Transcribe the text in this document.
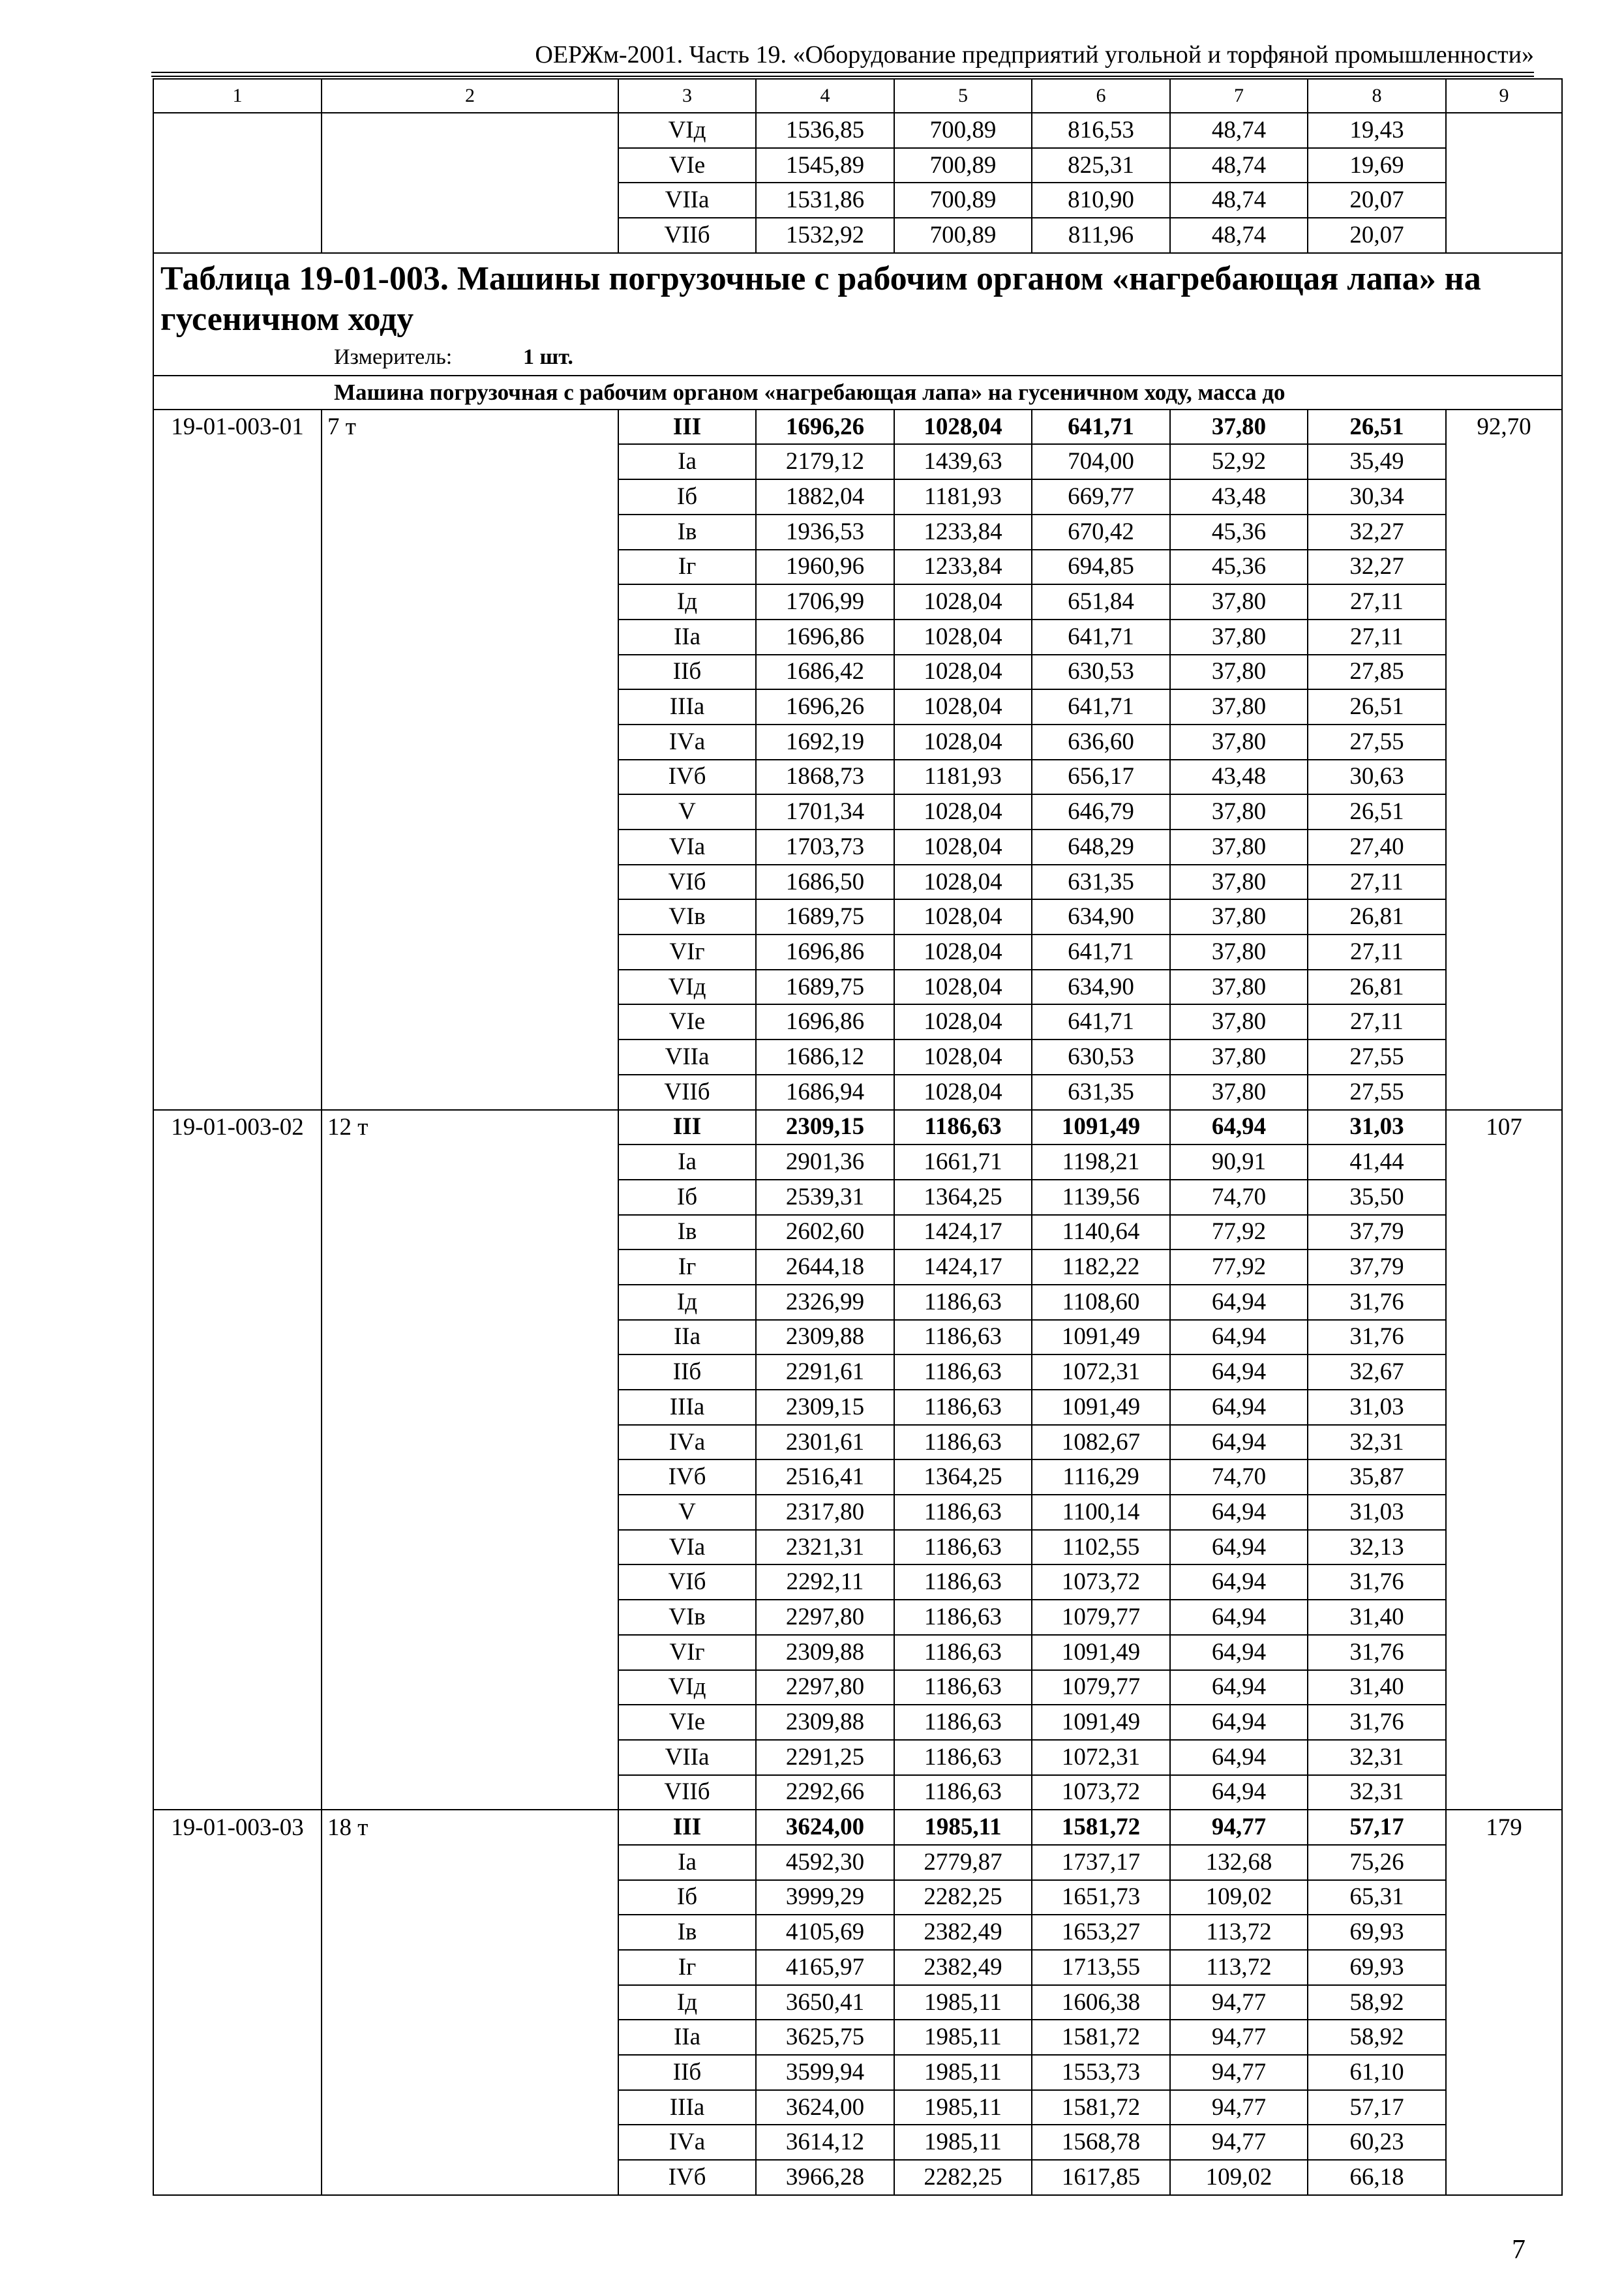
ОЕРЖм-2001. Часть 19. «Оборудование предприятий угольной и торфяной промышленности»
1	2	3	4	5	6	7	8	9
		VIд	1536,85	700,89	816,53	48,74	19,43	
		VIе	1545,89	700,89	825,31	48,74	19,69	
		VIIа	1531,86	700,89	810,90	48,74	20,07	
		VIIб	1532,92	700,89	811,96	48,74	20,07	

Таблица 19-01-003. Машины погрузочные с рабочим органом «нагребающая лапа» на гусеничном ходу
Измеритель: 1 шт.								

Машина погрузочная с рабочим органом «нагребающая лапа» на гусеничном ходу, масса до								
19-01-003-01	7 т	III	1696,26	1028,04	641,71	37,80	26,51	92,70
		Iа	2179,12	1439,63	704,00	52,92	35,49	
		Iб	1882,04	1181,93	669,77	43,48	30,34	
		Iв	1936,53	1233,84	670,42	45,36	32,27	
		Iг	1960,96	1233,84	694,85	45,36	32,27	
		Iд	1706,99	1028,04	651,84	37,80	27,11	
		IIа	1696,86	1028,04	641,71	37,80	27,11	
		IIб	1686,42	1028,04	630,53	37,80	27,85	
		IIIа	1696,26	1028,04	641,71	37,80	26,51	
		IVа	1692,19	1028,04	636,60	37,80	27,55	
		IVб	1868,73	1181,93	656,17	43,48	30,63	
		V	1701,34	1028,04	646,79	37,80	26,51	
		VIа	1703,73	1028,04	648,29	37,80	27,40	
		VIб	1686,50	1028,04	631,35	37,80	27,11	
		VIв	1689,75	1028,04	634,90	37,80	26,81	
		VIг	1696,86	1028,04	641,71	37,80	27,11	
		VIд	1689,75	1028,04	634,90	37,80	26,81	
		VIе	1696,86	1028,04	641,71	37,80	27,11	
		VIIа	1686,12	1028,04	630,53	37,80	27,55	
		VIIб	1686,94	1028,04	631,35	37,80	27,55	
19-01-003-02	12 т	III	2309,15	1186,63	1091,49	64,94	31,03	107
		Iа	2901,36	1661,71	1198,21	90,91	41,44	
		Iб	2539,31	1364,25	1139,56	74,70	35,50	
		Iв	2602,60	1424,17	1140,64	77,92	37,79	
		Iг	2644,18	1424,17	1182,22	77,92	37,79	
		Iд	2326,99	1186,63	1108,60	64,94	31,76	
		IIа	2309,88	1186,63	1091,49	64,94	31,76	
		IIб	2291,61	1186,63	1072,31	64,94	32,67	
		IIIа	2309,15	1186,63	1091,49	64,94	31,03	
		IVа	2301,61	1186,63	1082,67	64,94	32,31	
		IVб	2516,41	1364,25	1116,29	74,70	35,87	
		V	2317,80	1186,63	1100,14	64,94	31,03	
		VIа	2321,31	1186,63	1102,55	64,94	32,13	
		VIб	2292,11	1186,63	1073,72	64,94	31,76	
		VIв	2297,80	1186,63	1079,77	64,94	31,40	
		VIг	2309,88	1186,63	1091,49	64,94	31,76	
		VIд	2297,80	1186,63	1079,77	64,94	31,40	
		VIе	2309,88	1186,63	1091,49	64,94	31,76	
		VIIа	2291,25	1186,63	1072,31	64,94	32,31	
		VIIб	2292,66	1186,63	1073,72	64,94	32,31	
19-01-003-03	18 т	III	3624,00	1985,11	1581,72	94,77	57,17	179
		Iа	4592,30	2779,87	1737,17	132,68	75,26	
		Iб	3999,29	2282,25	1651,73	109,02	65,31	
		Iв	4105,69	2382,49	1653,27	113,72	69,93	
		Iг	4165,97	2382,49	1713,55	113,72	69,93	
		Iд	3650,41	1985,11	1606,38	94,77	58,92	
		IIа	3625,75	1985,11	1581,72	94,77	58,92	
		IIб	3599,94	1985,11	1553,73	94,77	61,10	
		IIIа	3624,00	1985,11	1581,72	94,77	57,17	
		IVа	3614,12	1985,11	1568,78	94,77	60,23	
		IVб	3966,28	2282,25	1617,85	109,02	66,18	
7
